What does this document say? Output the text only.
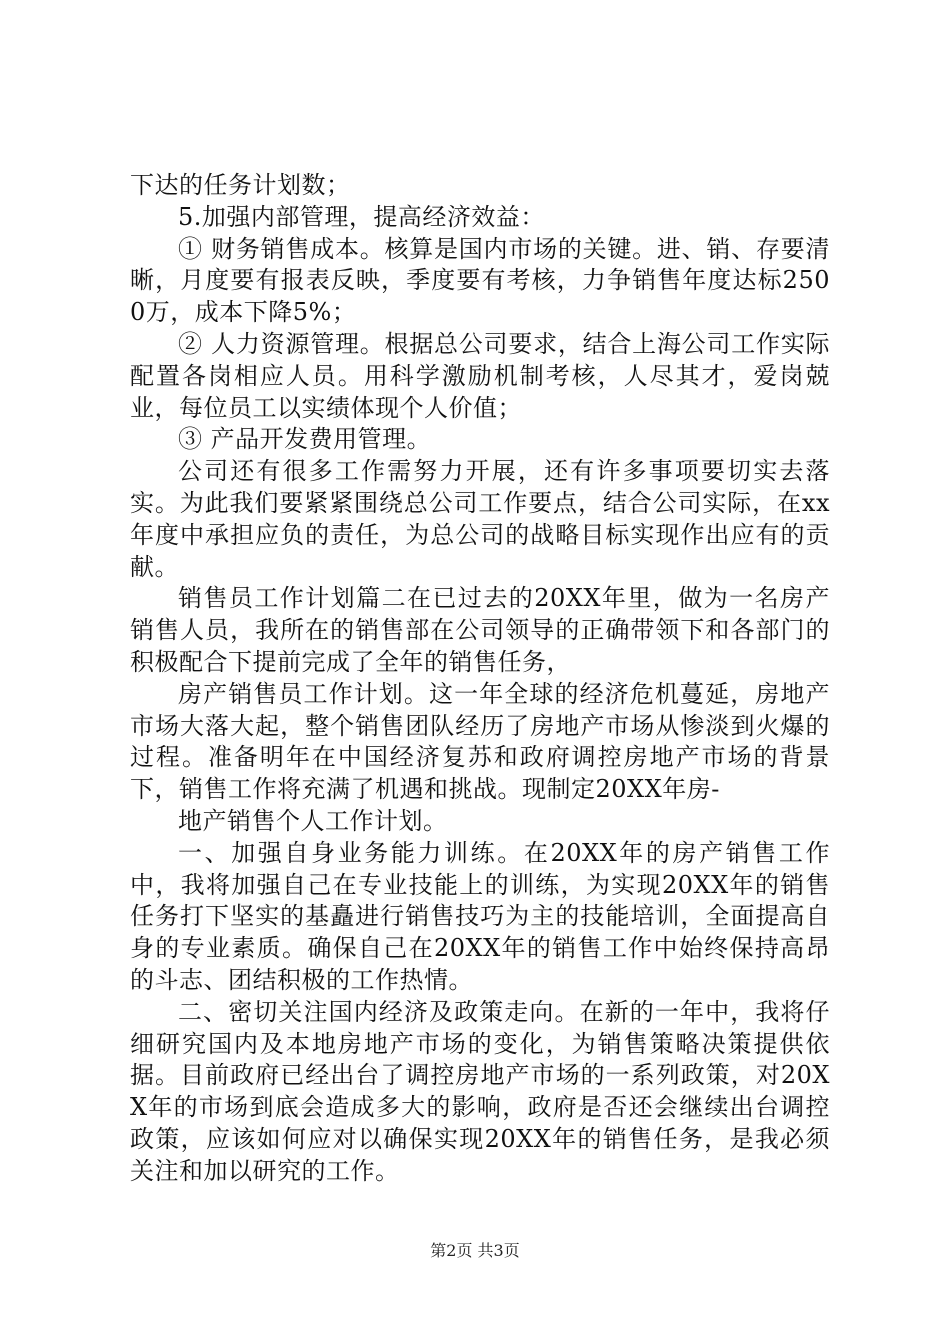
下达的任务计划数；

5.加强内部管理，提高经济效益：

① 财务销售成本。核算是国内市场的关键。进、销、存要清晰，月度要有报表反映，季度要有考核，力争销售年度达标2500万，成本下降5%；

② 人力资源管理。根据总公司要求，结合上海公司工作实际配置各岗相应人员。用科学激励机制考核，人尽其才，爱岗兢业，每位员工以实绩体现个人价值；

③ 产品开发费用管理。

公司还有很多工作需努力开展，还有许多事项要切实去落实。为此我们要紧紧围绕总公司工作要点，结合公司实际，在xx年度中承担应负的责任，为总公司的战略目标实现作出应有的贡献。

销售员工作计划篇二在已过去的20XX年里，做为一名房产销售人员，我所在的销售部在公司领导的正确带领下和各部门的积极配合下提前完成了全年的销售任务，

房产销售员工作计划。这一年全球的经济危机蔓延，房地产市场大落大起，整个销售团队经历了房地产市场从惨淡到火爆的过程。准备明年在中国经济复苏和政府调控房地产市场的背景下，销售工作将充满了机遇和挑战。现制定20XX年房-

地产销售个人工作计划。

一、加强自身业务能力训练。在20XX年的房产销售工作中，我将加强自己在专业技能上的训练，为实现20XX年的销售任务打下坚实的基矗进行销售技巧为主的技能培训，全面提高自身的专业素质。确保自己在20XX年的销售工作中始终保持高昂的斗志、团结积极的工作热情。

二、密切关注国内经济及政策走向。在新的一年中，我将仔细研究国内及本地房地产市场的变化，为销售策略决策提供依据。目前政府已经出台了调控房地产市场的一系列政策，对20XX年的市场到底会造成多大的影响，政府是否还会继续出台调控政策，应该如何应对以确保实现20XX年的销售任务，是我必须关注和加以研究的工作。

第2页 共3页
